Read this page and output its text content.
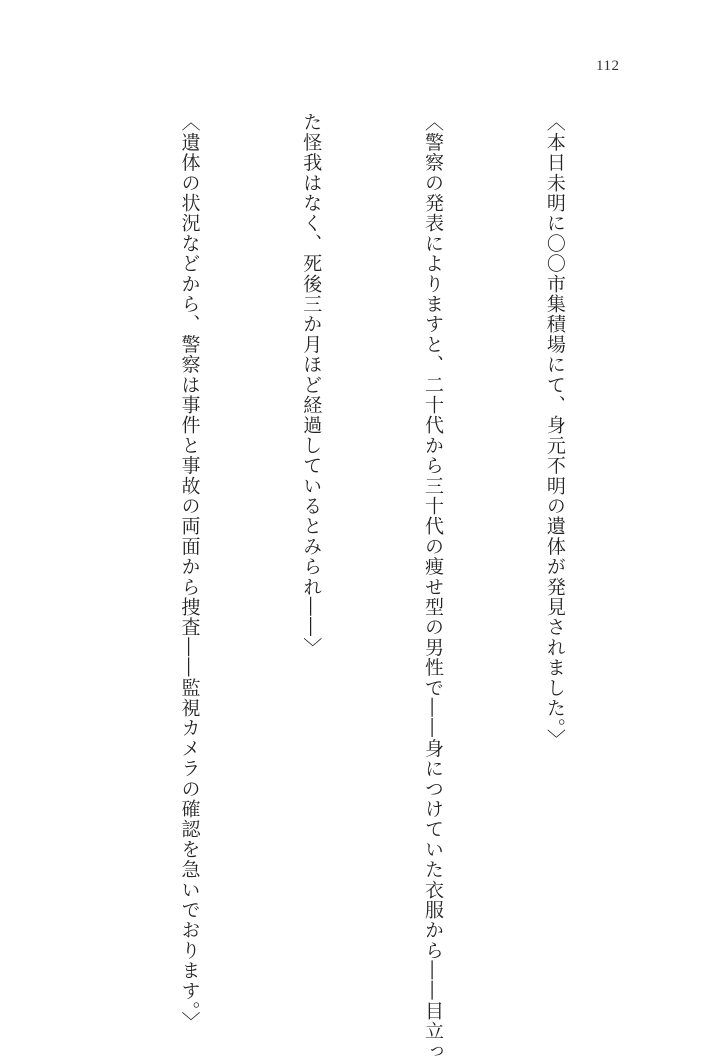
112

〈本日未明に〇〇市集積場にて、身元不明の遺体が発見されました。〉

〈警察の発表によりますと、二十代から三十代の痩せ型の男性で――身につけていた衣服から――目立っ

た怪我はなく、死後三か月ほど経過しているとみられ――〉

〈遺体の状況などから、警察は事件と事故の両面から捜査――監視カメラの確認を急いでおります。〉
